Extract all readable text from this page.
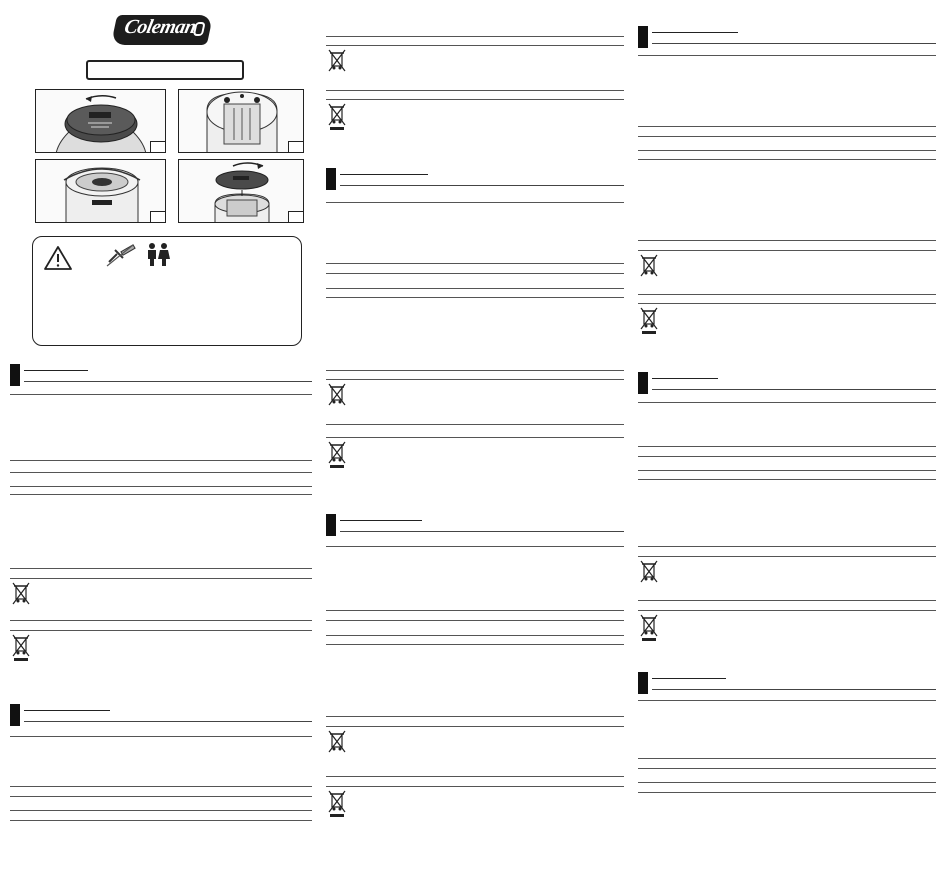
Coleman
